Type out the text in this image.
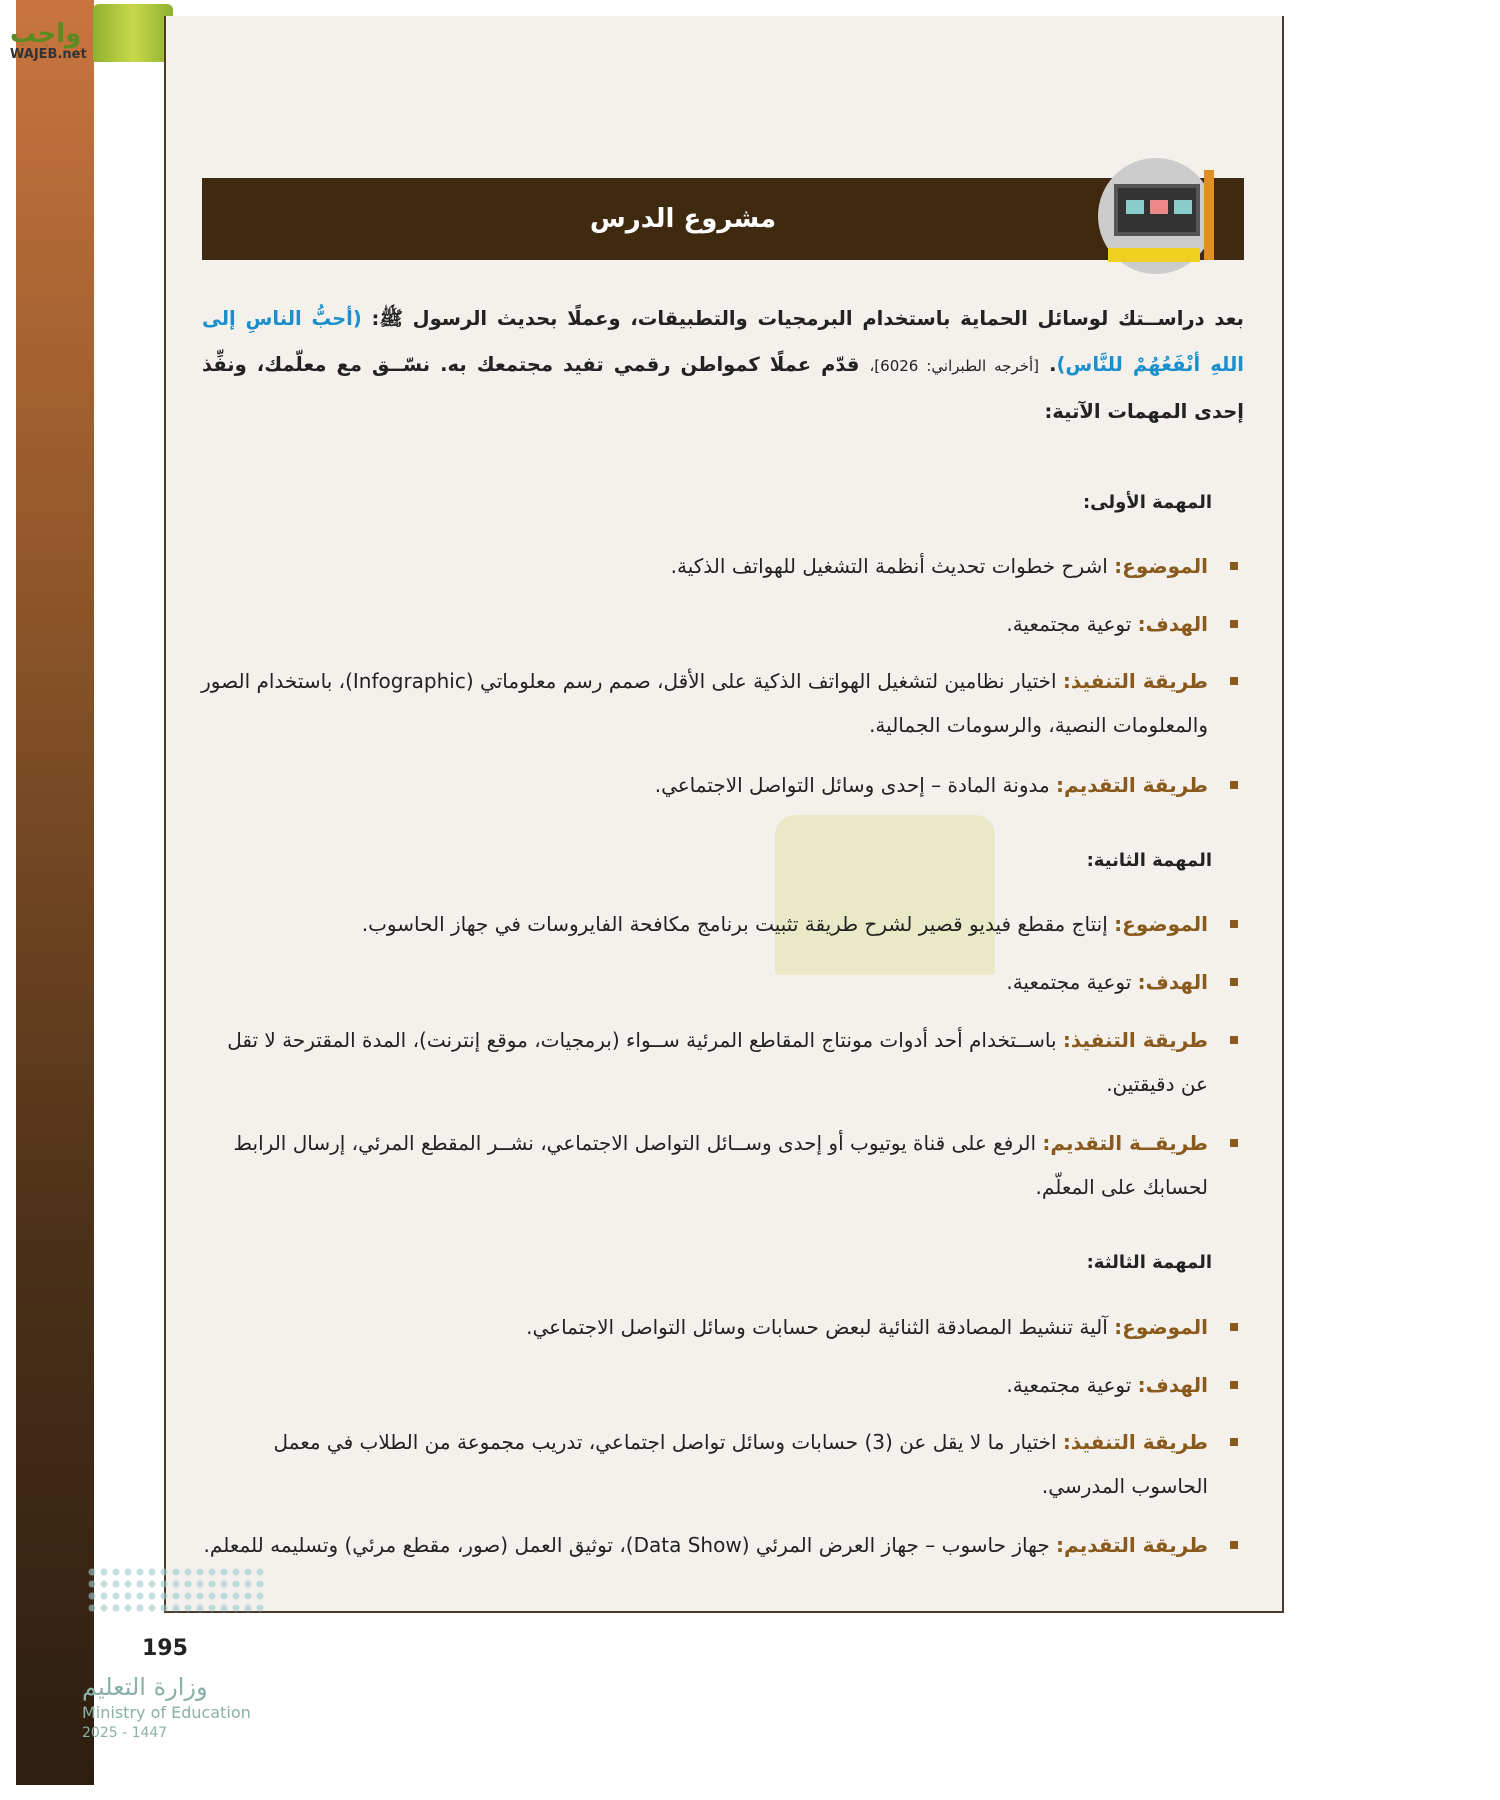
واجب
WAJEB.net
مشروع الدرس
بعد دراســتك لوسائل الحماية باستخدام البرمجيات والتطبيقات، وعملًا بحديث الرسول ﷺ: (أحبُّ الناسِ إلى اللهِ أنْفَعُهُمْ للنَّاس). [أخرجه الطبراني: 6026]، قدّم عملًا كمواطن رقمي تفيد مجتمعك به. نسّــق مع معلّمك، ونفِّذ إحدى المهمات الآتية:
المهمة الأولى:
الموضوع: اشرح خطوات تحديث أنظمة التشغيل للهواتف الذكية.
الهدف: توعية مجتمعية.
طريقة التنفيذ: اختيار نظامين لتشغيل الهواتف الذكية على الأقل، صمم رسم معلوماتي (Infographic)، باستخدام الصور والمعلومات النصية، والرسومات الجمالية.
طريقة التقديم: مدونة المادة – إحدى وسائل التواصل الاجتماعي.
المهمة الثانية:
الموضوع: إنتاج مقطع فيديو قصير لشرح طريقة تثبيت برنامج مكافحة الفايروسات في جهاز الحاسوب.
الهدف: توعية مجتمعية.
طريقة التنفيذ: باســتخدام أحد أدوات مونتاج المقاطع المرئية ســواء (برمجيات، موقع إنترنت)، المدة المقترحة لا تقل عن دقيقتين.
طريقــة التقديم: الرفع على قناة يوتيوب أو إحدى وســائل التواصل الاجتماعي، نشــر المقطع المرئي، إرسال الرابط لحسابك على المعلّم.
المهمة الثالثة:
الموضوع: آلية تنشيط المصادقة الثنائية لبعض حسابات وسائل التواصل الاجتماعي.
الهدف: توعية مجتمعية.
طريقة التنفيذ: اختيار ما لا يقل عن (3) حسابات وسائل تواصل اجتماعي، تدريب مجموعة من الطلاب في معمل الحاسوب المدرسي.
طريقة التقديم: جهاز حاسوب – جهاز العرض المرئي (Data Show)، توثيق العمل (صور، مقطع مرئي) وتسليمه للمعلم.
195
وزارة التعليم
Ministry of Education
2025 - 1447
